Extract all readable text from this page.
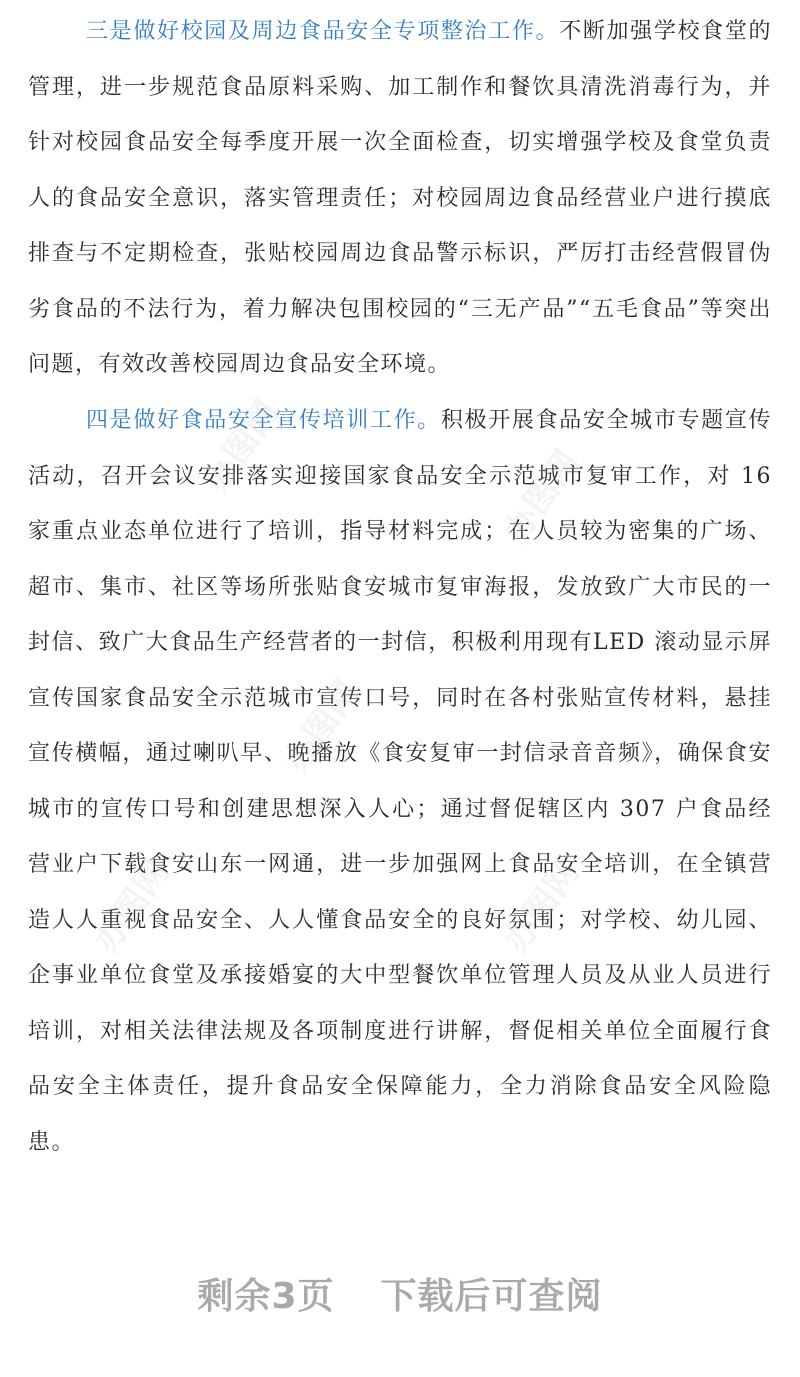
三是做好校园及周边食品安全专项整治工作。不断加强学校食堂的管理，进一步规范食品原料采购、加工制作和餐饮具清洗消毒行为，并针对校园食品安全每季度开展一次全面检查，切实增强学校及食堂负责人的食品安全意识，落实管理责任；对校园周边食品经营业户进行摸底排查与不定期检查，张贴校园周边食品警示标识，严厉打击经营假冒伪劣食品的不法行为，着力解决包围校园的“三无产品”“五毛食品”等突出问题，有效改善校园周边食品安全环境。

四是做好食品安全宣传培训工作。积极开展食品安全城市专题宣传活动，召开会议安排落实迎接国家食品安全示范城市复审工作，对 16 家重点业态单位进行了培训，指导材料完成；在人员较为密集的广场、超市、集市、社区等场所张贴食安城市复审海报，发放致广大市民的一封信、致广大食品生产经营者的一封信，积极利用现有LED 滚动显示屏宣传国家食品安全示范城市宣传口号，同时在各村张贴宣传材料，悬挂宣传横幅，通过喇叭早、晚播放《食安复审一封信录音音频》，确保食安城市的宣传口号和创建思想深入人心；通过督促辖区内 307 户食品经营业户下载食安山东一网通，进一步加强网上食品安全培训，在全镇营造人人重视食品安全、人人懂食品安全的良好氛围；对学校、幼儿园、企事业单位食堂及承接婚宴的大中型餐饮单位管理人员及从业人员进行培训，对相关法律法规及各项制度进行讲解，督促相关单位全面履行食品安全主体责任，提升食品安全保障能力，全力消除食品安全风险隐患。

办图网	办图网
办图网
办图网
办图网
剩余3页 下载后可查阅
